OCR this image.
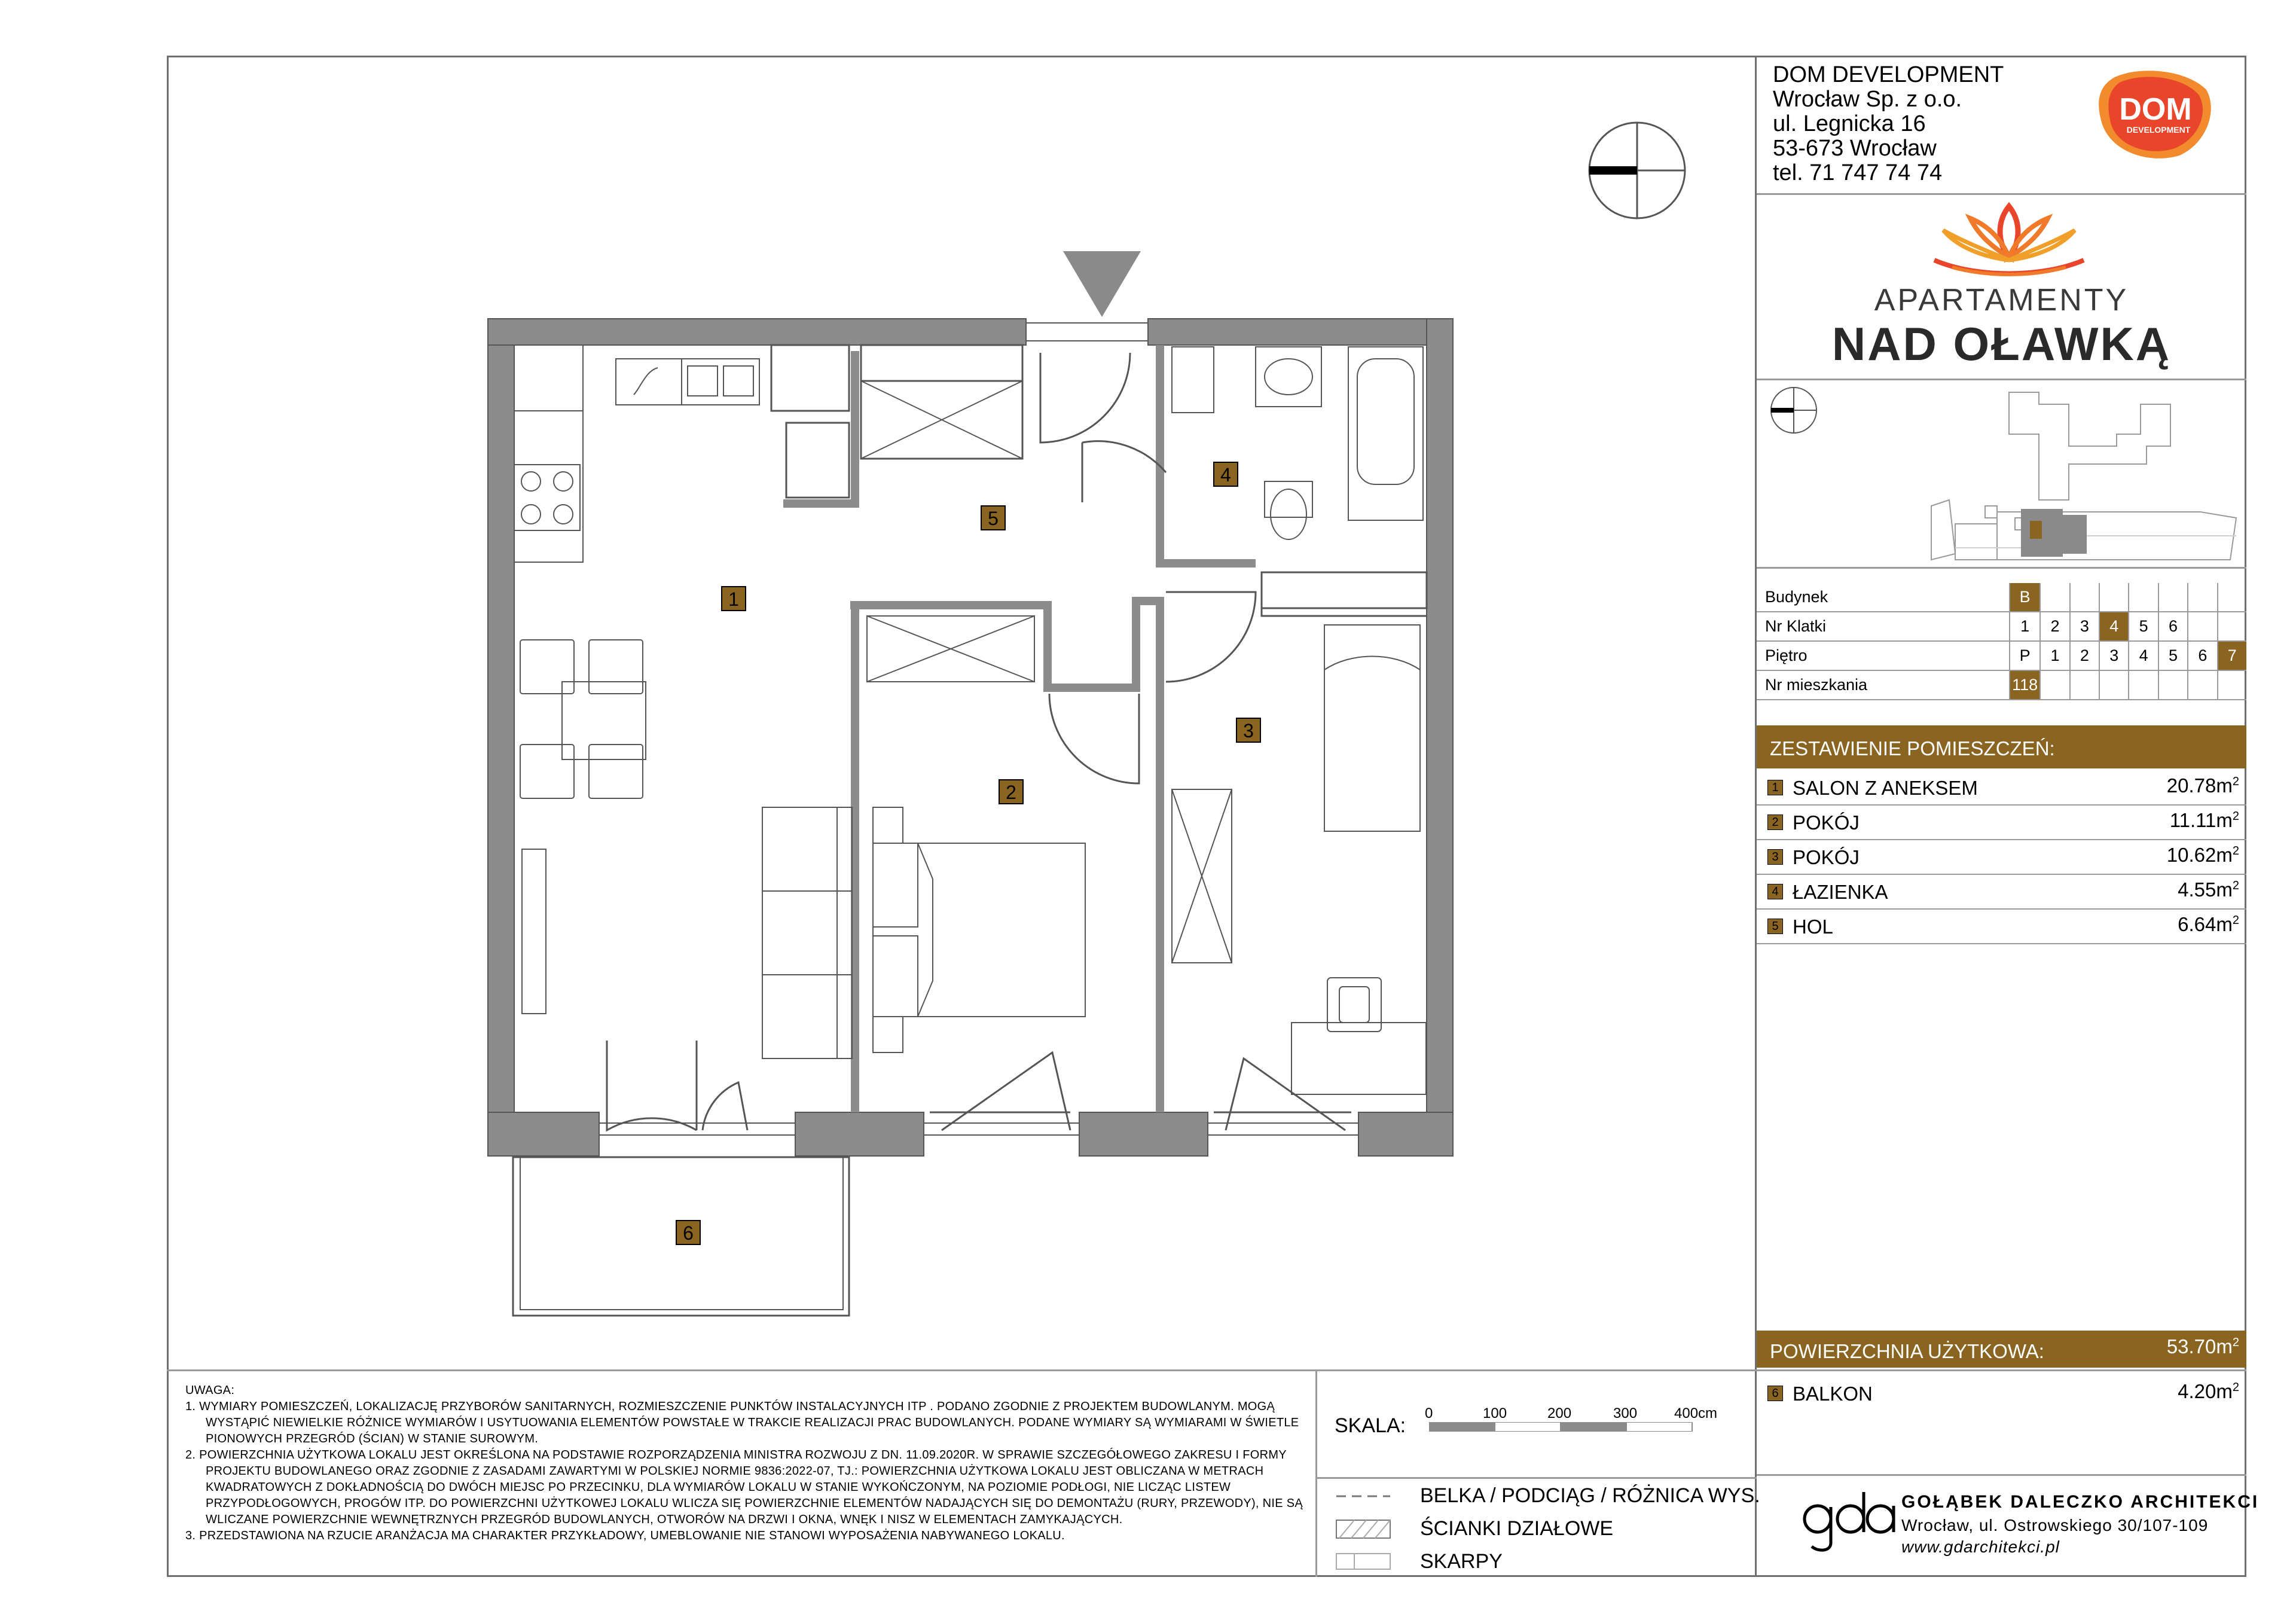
DOM DEVELOPMENT
Wrocław Sp. z o.o.
ul. Legnicka 16
53-673 Wrocław
tel. 71 747 74 74
DOM
DEVELOPMENT
APARTAMENTY
NAD OŁAWKĄ
Budynek	B							
Nr Klatki	1	2	3	4	5	6		
Piętro	P	1	2	3	4	5	6	7
Nr mieszkania	118							
ZESTAWIENIE POMIESZCZEŃ:
1 SALON Z ANEKSEM	$20.78m^2$
2 POKÓJ	$11.11m^2$
3 POKÓJ	$10.62m^2$
4 ŁAZIENKA	$4.55m^2$
5 HOL	$6.64m^2$
POWIERZCHNIA UŻYTKOWA:	$53.70m^2$
6 BALKON	$4.20m^2$
1
2
3
4
5
6
UWAGA:
1. WYMIARY POMIESZCZEŃ, LOKALIZACJĘ PRZYBORÓW SANITARNYCH, ROZMIESZCZENIE PUNKTÓW INSTALACYJNYCH ITP . PODANO ZGODNIE Z PROJEKTEM BUDOWLANYM. MOGĄ
WYSTĄPIĆ NIEWIELKIE RÓŻNICE WYMIARÓW I USYTUOWANIA ELEMENTÓW POWSTAŁE W TRAKCIE REALIZACJI PRAC BUDOWLANYCH. PODANE WYMIARY SĄ WYMIARAMI W ŚWIETLE
PIONOWYCH PRZEGRÓD (ŚCIAN) W STANIE SUROWYM.
2. POWIERZCHNIA UŻYTKOWA LOKALU JEST OKREŚLONA NA PODSTAWIE ROZPORZĄDZENIA MINISTRA ROZWOJU Z DN. 11.09.2020R. W SPRAWIE SZCZEGÓŁOWEGO ZAKRESU I FORMY
PROJEKTU BUDOWLANEGO ORAZ ZGODNIE Z ZASADAMI ZAWARTYMI W POLSKIEJ NORMIE 9836:2022-07, TJ.: POWIERZCHNIA UŻYTKOWA LOKALU JEST OBLICZANA W METRACH
KWADRATOWYCH Z DOKŁADNOŚCIĄ DO DWÓCH MIEJSC PO PRZECINKU, DLA WYMIARÓW LOKALU W STANIE WYKOŃCZONYM, NA POZIOMIE PODŁOGI, NIE LICZĄC LISTEW
PRZYPODŁOGOWYCH, PROGÓW ITP. DO POWIERZCHNI UŻYTKOWEJ LOKALU WLICZA SIĘ POWIERZCHNIE ELEMENTÓW NADAJĄCYCH SIĘ DO DEMONTAŻU (RURY, PRZEWODY), NIE SĄ
WLICZANE POWIERZCHNIE WEWNĘTRZNYCH PRZEGRÓD BUDOWLANYCH, OTWORÓW NA DRZWI I OKNA, WNĘK I NISZ W ELEMENTACH ZAMYKAJĄCYCH.
3. PRZEDSTAWIONA NA RZUCIE ARANŻACJA MA CHARAKTER PRZYKŁADOWY, UMEBLOWANIE NIE STANOWI WYPOSAŻENIA NABYWANEGO LOKALU.
SKALA:
0	100	200	300	400cm
BELKA / PODCIĄG / RÓŻNICA WYS.
ŚCIANKI DZIAŁOWE
SKARPY
GOŁĄBEK DALECZKO ARCHITEKCI
Wrocław, ul. Ostrowskiego 30/107-109
www.gdarchitekci.pl
